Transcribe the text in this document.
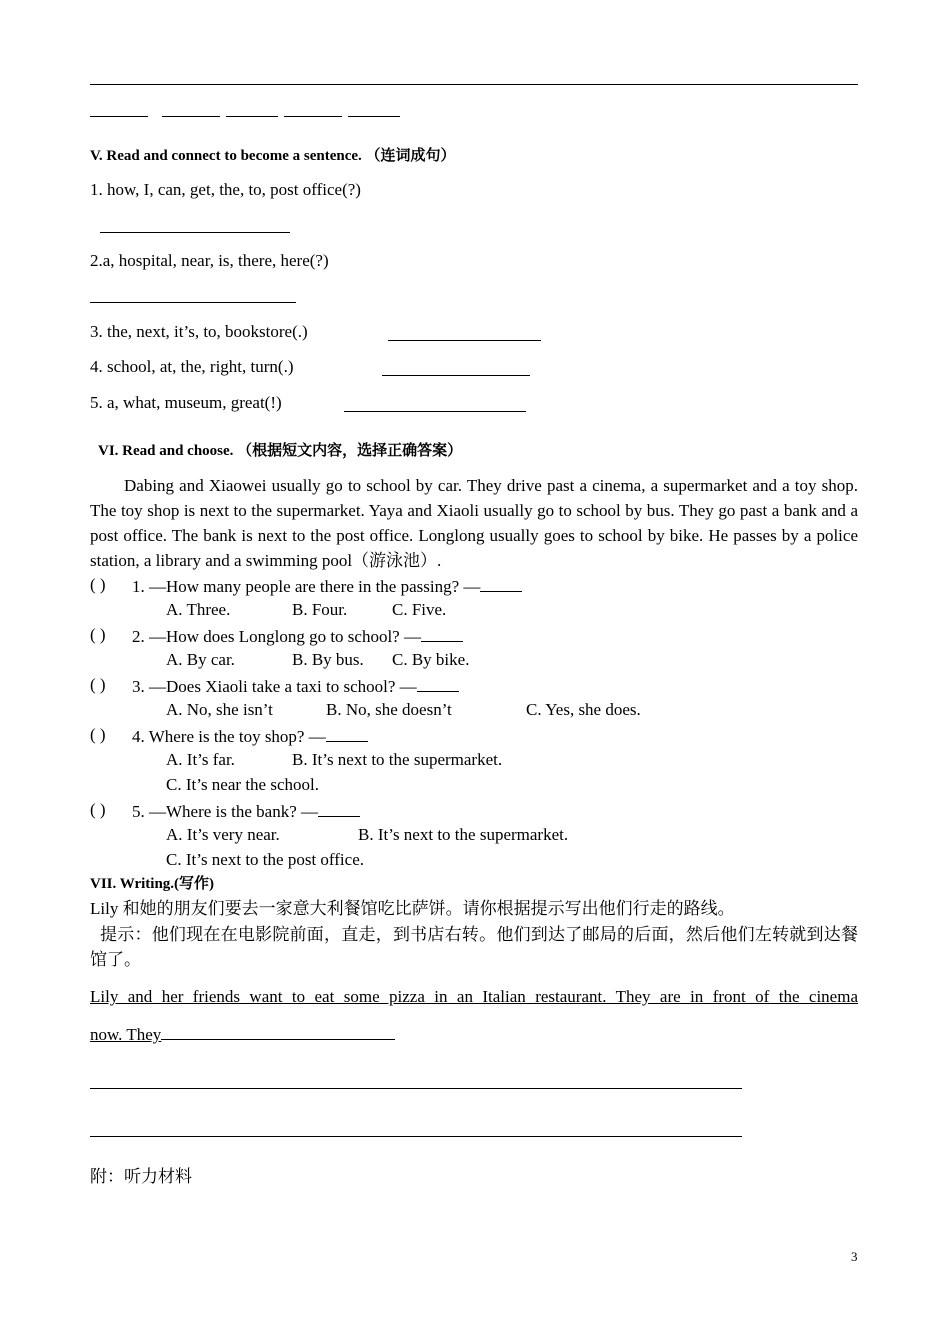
V. Read and connect to become a sentence. （连词成句）
1. how, I, can, get, the, to, post office(?)
2.a, hospital, near, is, there, here(?)
3. the, next, it’s, to, bookstore(.)
4. school, at, the, right, turn(.)
5. a, what, museum, great(!)
VI. Read and choose. （根据短文内容，选择正确答案）
Dabing and Xiaowei usually go to school by car. They drive past a cinema, a supermarket and a toy shop. The toy shop is next to the supermarket. Yaya and Xiaoli usually go to school by bus. They go past a bank and a post office. The bank is next to the post office. Longlong usually goes to school by bike. He passes by a police station, a library and a swimming pool（游泳池）.
( ) 1. —How many people are there in the passing? —
A. Three.	B. Four.	C. Five.
( ) 2. —How does Longlong go to school? —
A. By car.	B. By bus. C. By bike.
( ) 3. —Does Xiaoli take a taxi to school? —
A. No, she isn’t	B. No, she doesn’t	C. Yes, she does.
( ) 4. Where is the toy shop? —
A. It’s far.	B. It’s next to the supermarket.
C. It’s near the school.
( ) 5. —Where is the bank? —
A. It’s very near.	B. It’s next to the supermarket.
C. It’s next to the post office.
VII. Writing.(写作)
Lily 和她的朋友们要去一家意大利餐馆吃比萨饼。请你根据提示写出他们行走的路线。
提示：他们现在在电影院前面，直走，到书店右转。他们到达了邮局的后面，然后他们左转就到达餐馆了。
Lily and her friends want to eat some pizza in an Italian restaurant. They are in front of the cinema
now. They
附：听力材料
3
